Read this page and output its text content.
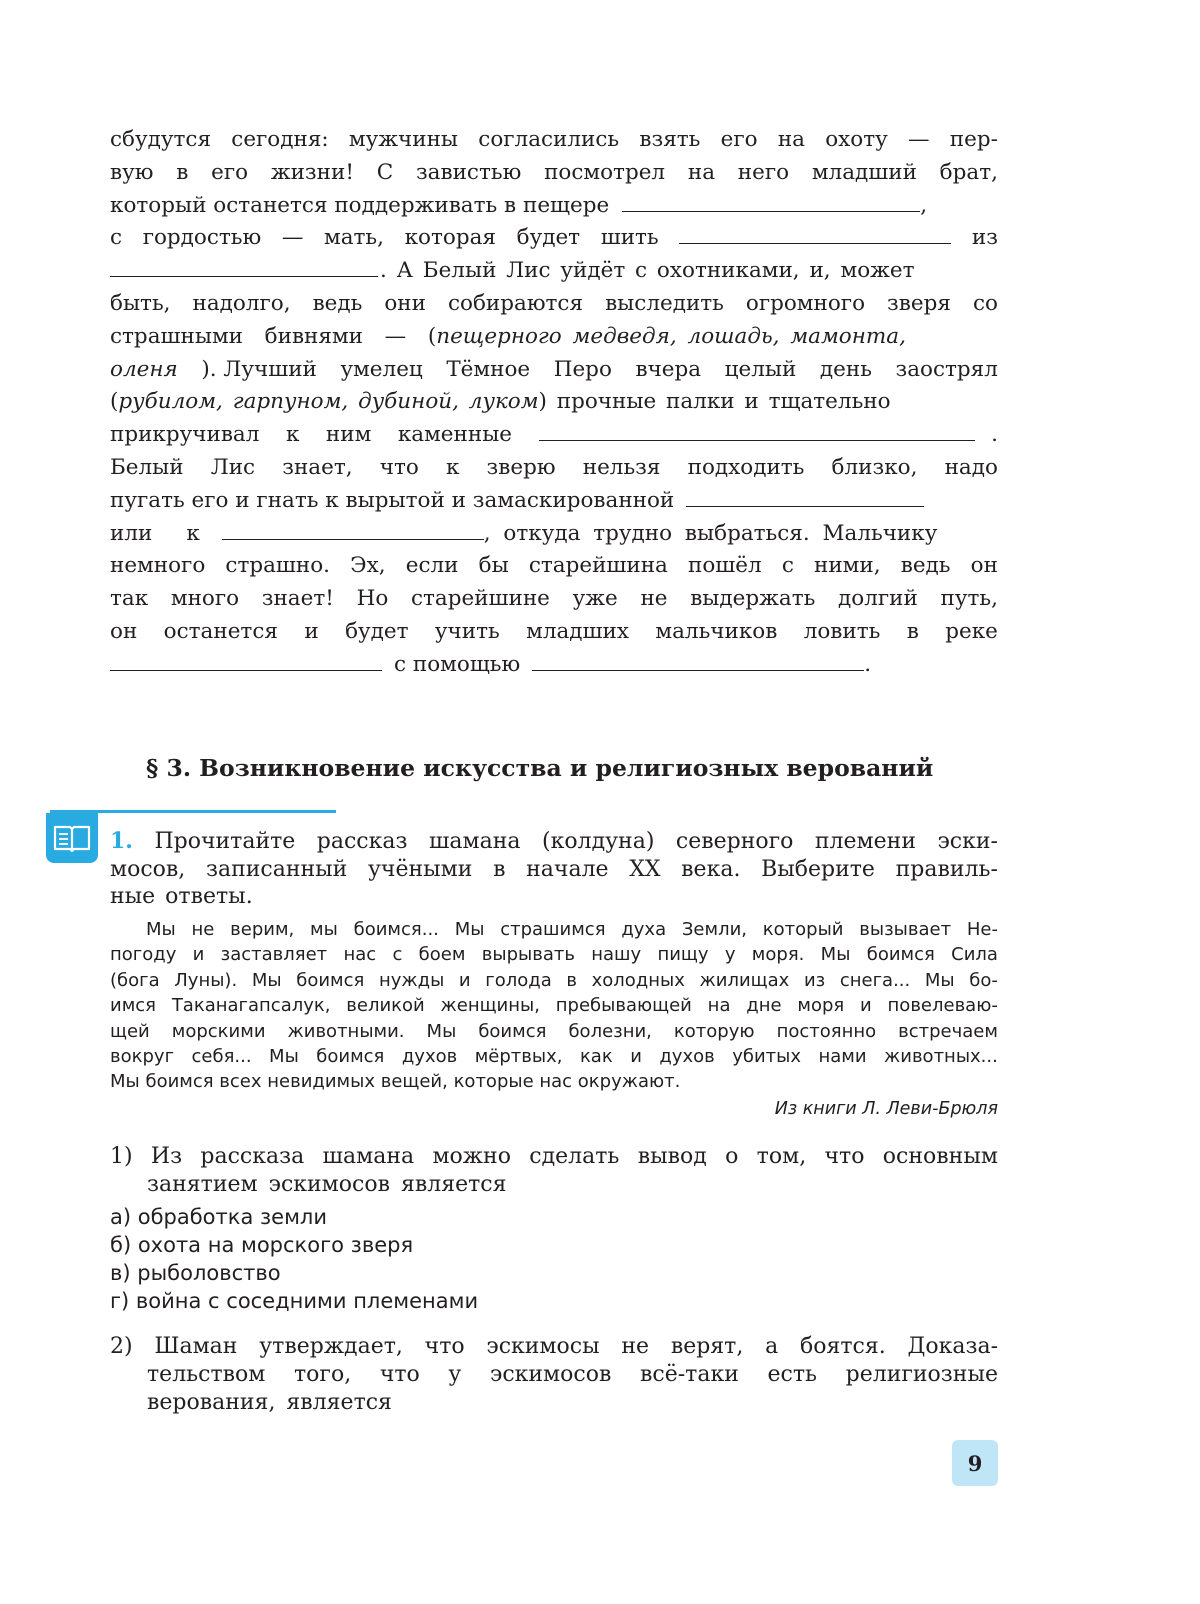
сбудутся сегодня: мужчины согласились взять его на охоту — пер-
вую в его жизни! С завистью посмотрел на него младший брат,
который останется поддерживать в пещере	,
с гордостью — мать, которая будет шить	из
. А Белый Лис уйдёт с охотниками, и, может
быть, надолго, ведь они собираются выследить огромного зверя со
страшными
бивнями
—
( пещерного медведя, лошадь, мамонта,
оленя ). Лучший умелец Тёмное Перо вчера целый день заострял
( рубилом, гарпуном, дубиной, луком ) прочные палки и тщательно
прикручивал к ним каменные	.
Белый Лис знает, что к зверю нельзя подходить близко, надо
пугать его и гнать к вырытой и замаскированной
или к	, откуда трудно выбраться. Мальчику
немного страшно. Эх, если бы старейшина пошёл с ними, ведь он
так много знает! Но старейшине уже не выдержать долгий путь,
он останется и будет учить младших мальчиков ловить в реке
с помощью	.
§ 3. Возникновение искусства и религиозных верований
1. Прочитайте рассказ шамана (колдуна) северного племени эски-
мосов, записанный учёными в начале XX века. Выберите правиль-
ные ответы.
Мы не верим, мы боимся... Мы страшимся духа Земли, который вызывает Не-
погоду и заставляет нас с боем вырывать нашу пищу у моря. Мы боимся Сила
(бога Луны). Мы боимся нужды и голода в холодных жилищах из снега... Мы бо-
имся Таканагапсалук, великой женщины, пребывающей на дне моря и повелеваю-
щей морскими животными. Мы боимся болезни, которую постоянно встречаем
вокруг себя... Мы боимся духов мёртвых, как и духов убитых нами животных...
Мы боимся всех невидимых вещей, которые нас окружают.
Из книги Л. Леви-Брюля
1) Из рассказа шамана можно сделать вывод о том, что основным
занятием эскимосов является
а) обработка земли
б) охота на морского зверя
в) рыболовство
г) война с соседними племенами
2) Шаман утверждает, что эскимосы не верят, а боятся. Доказа-
тельством того, что у эскимосов всё-таки есть религиозные
верования, является
9
